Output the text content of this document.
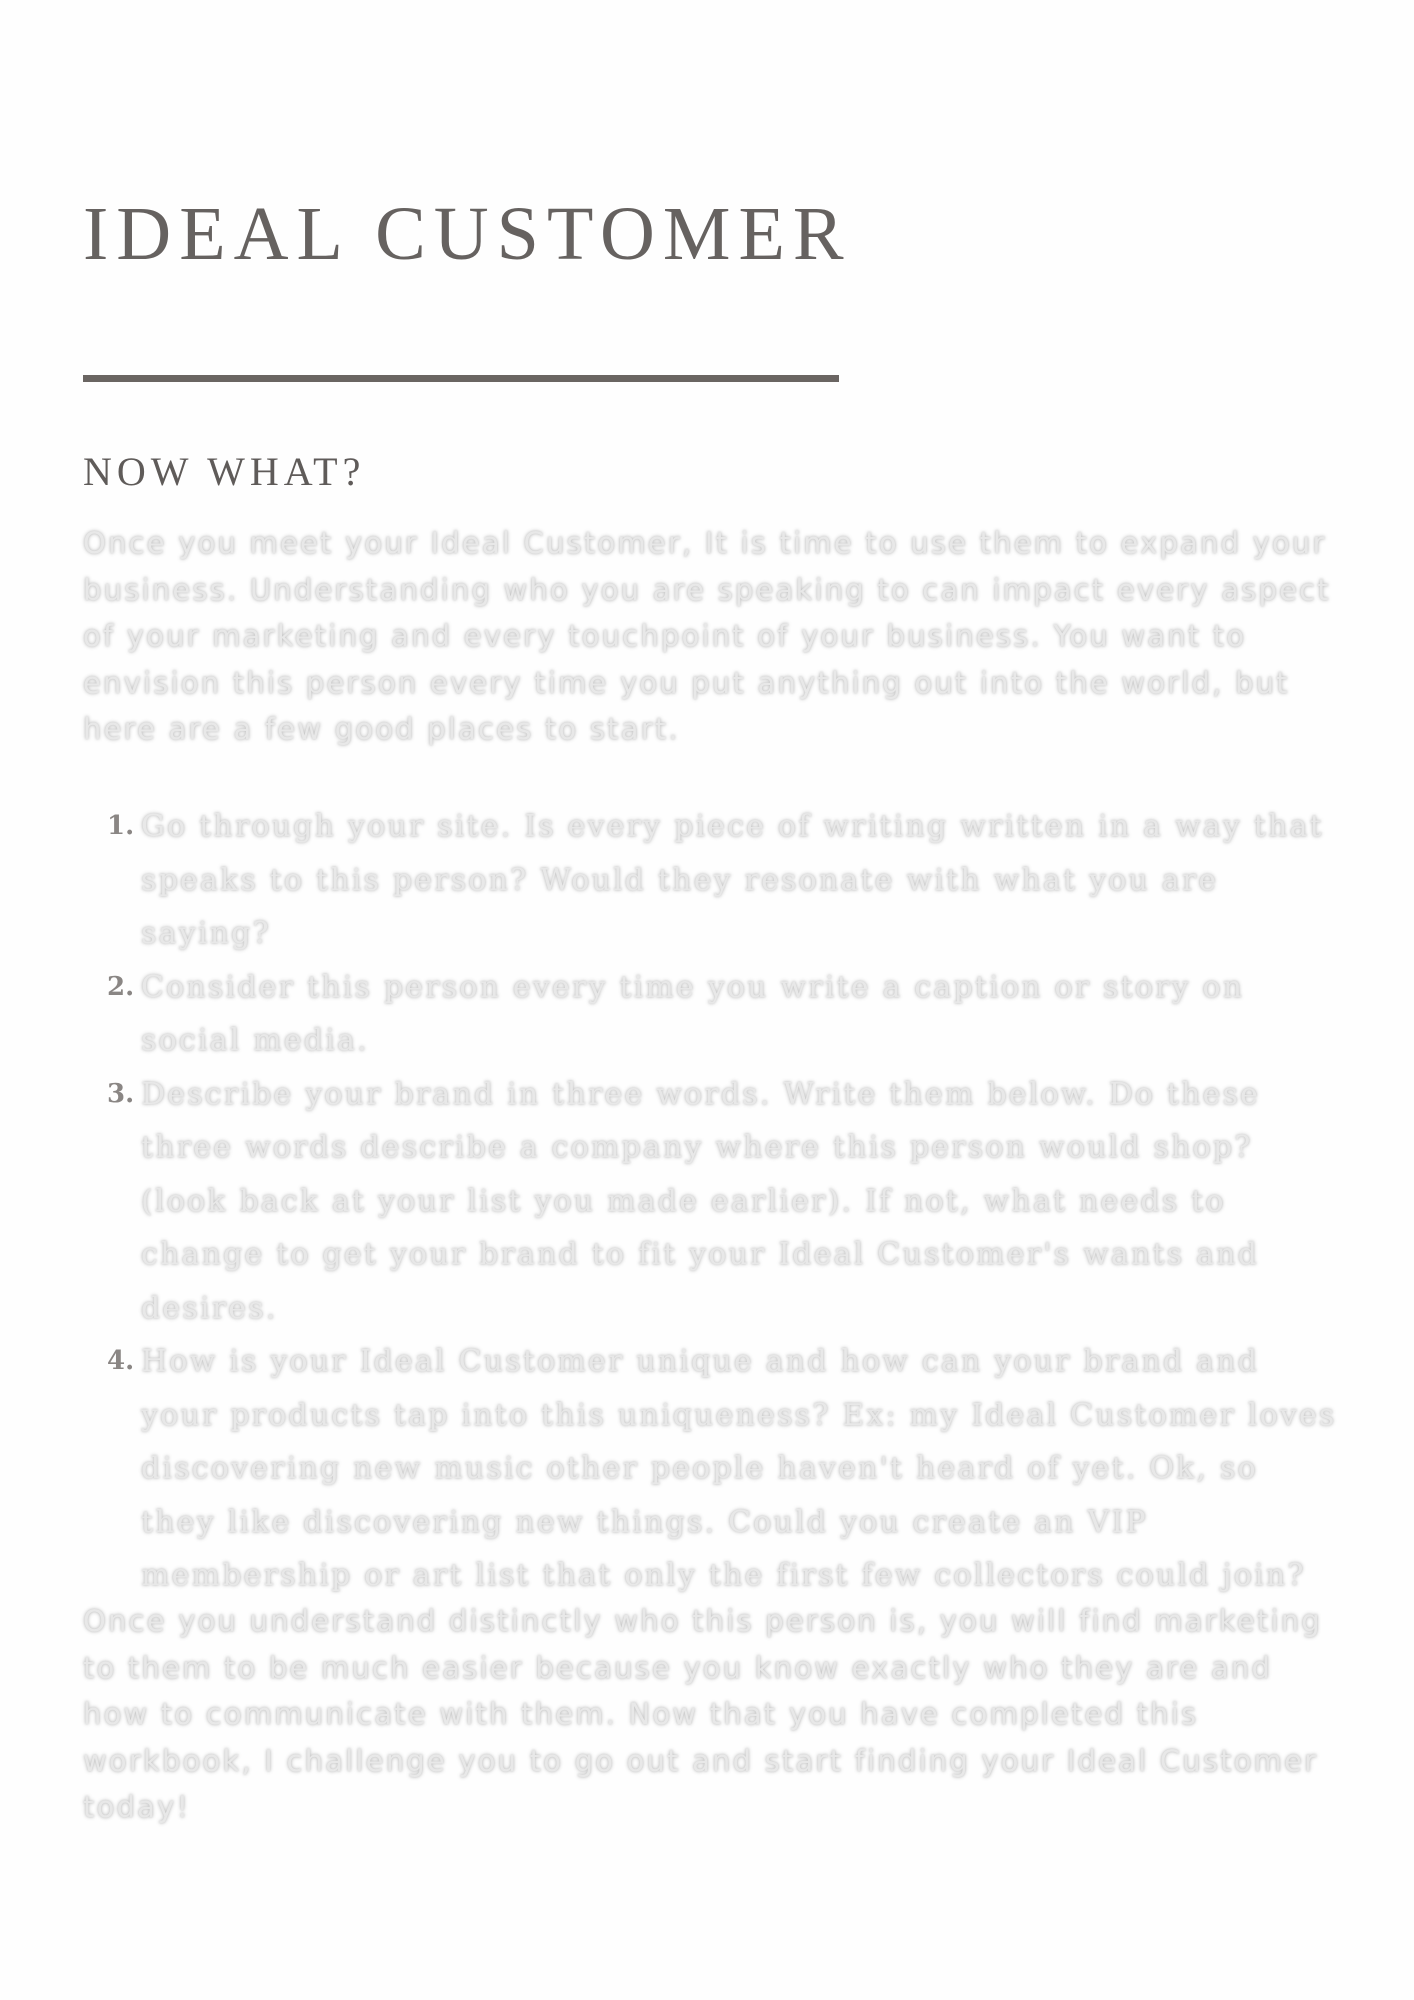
IDEAL CUSTOMER
NOW WHAT?

Once you meet your Ideal Customer, It is time to use them to expand your business. Understanding who you are speaking to can impact every aspect of your marketing and every touchpoint of your business. You want to envision this person every time you put anything out into the world, but here are a few good places to start.

1. Go through your site. Is every piece of writing written in a way that speaks to this person? Would they resonate with what you are saying?
2. Consider this person every time you write a caption or story on social media.
3. Describe your brand in three words. Write them below. Do these three words describe a company where this person would shop? (look back at your list you made earlier). If not, what needs to change to get your brand to fit your Ideal Customer's wants and desires.
4. How is your Ideal Customer unique and how can your brand and your products tap into this uniqueness? Ex: my Ideal Customer loves discovering new music other people haven't heard of yet. Ok, so they like discovering new things. Could you create an VIP membership or art list that only the first few collectors could join?

Once you understand distinctly who this person is, you will find marketing to them to be much easier because you know exactly who they are and how to communicate with them. Now that you have completed this workbook, I challenge you to go out and start finding your Ideal Customer today!
